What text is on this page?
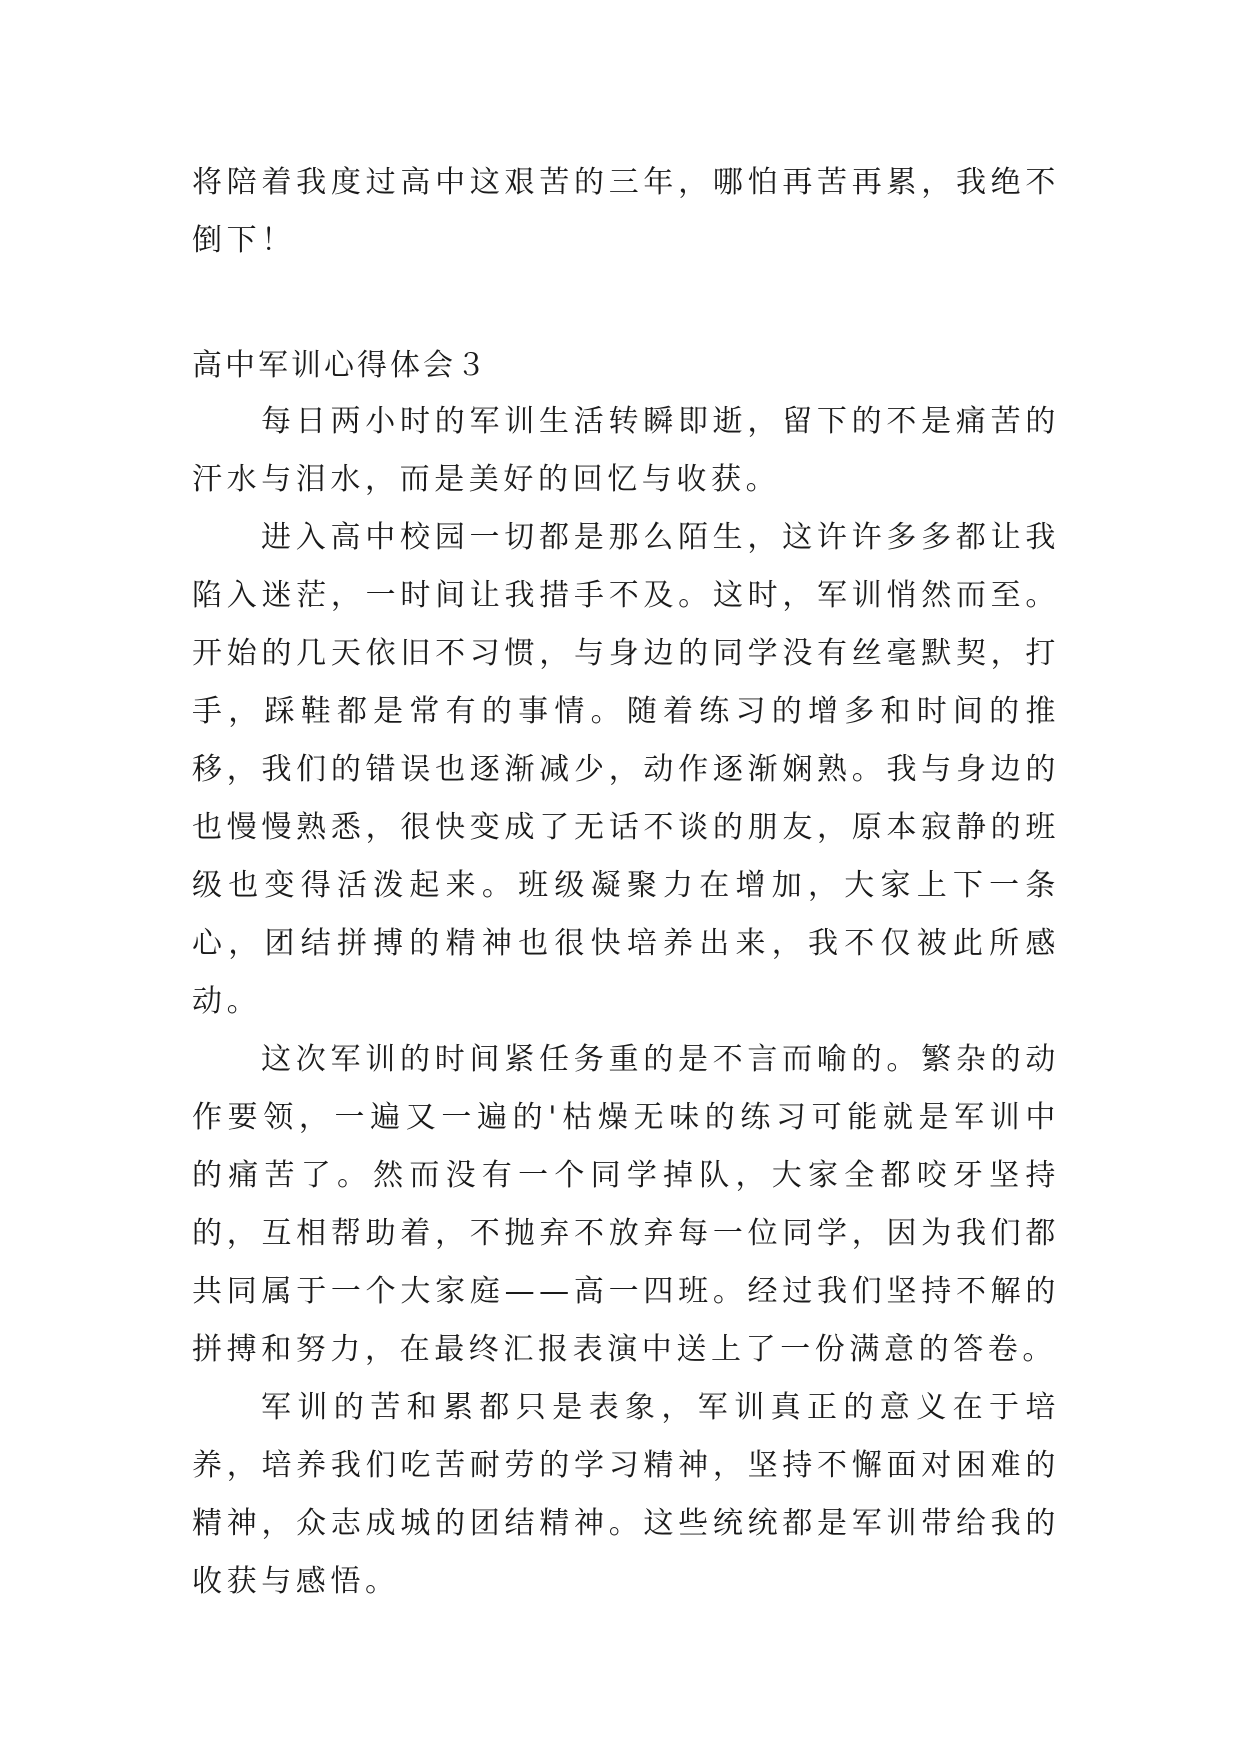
将陪着我度过高中这艰苦的三年，哪怕再苦再累，我绝不倒下！

高中军训心得体会３

每日两小时的军训生活转瞬即逝，留下的不是痛苦的汗水与泪水，而是美好的回忆与收获。

进入高中校园一切都是那么陌生，这许许多多都让我陷入迷茫，一时间让我措手不及。这时，军训悄然而至。开始的几天依旧不习惯，与身边的同学没有丝毫默契，打手，踩鞋都是常有的事情。随着练习的增多和时间的推移，我们的错误也逐渐减少，动作逐渐娴熟。我与身边的也慢慢熟悉，很快变成了无话不谈的朋友，原本寂静的班级也变得活泼起来。班级凝聚力在增加，大家上下一条心，团结拼搏的精神也很快培养出来，我不仅被此所感动。

这次军训的时间紧任务重的是不言而喻的。繁杂的动作要领，一遍又一遍的'枯燥无味的练习可能就是军训中的痛苦了。然而没有一个同学掉队，大家全都咬牙坚持的，互相帮助着，不抛弃不放弃每一位同学，因为我们都共同属于一个大家庭——高一四班。经过我们坚持不解的拼搏和努力，在最终汇报表演中送上了一份满意的答卷。

军训的苦和累都只是表象，军训真正的意义在于培养，培养我们吃苦耐劳的学习精神，坚持不懈面对困难的精神，众志成城的团结精神。这些统统都是军训带给我的收获与感悟。
